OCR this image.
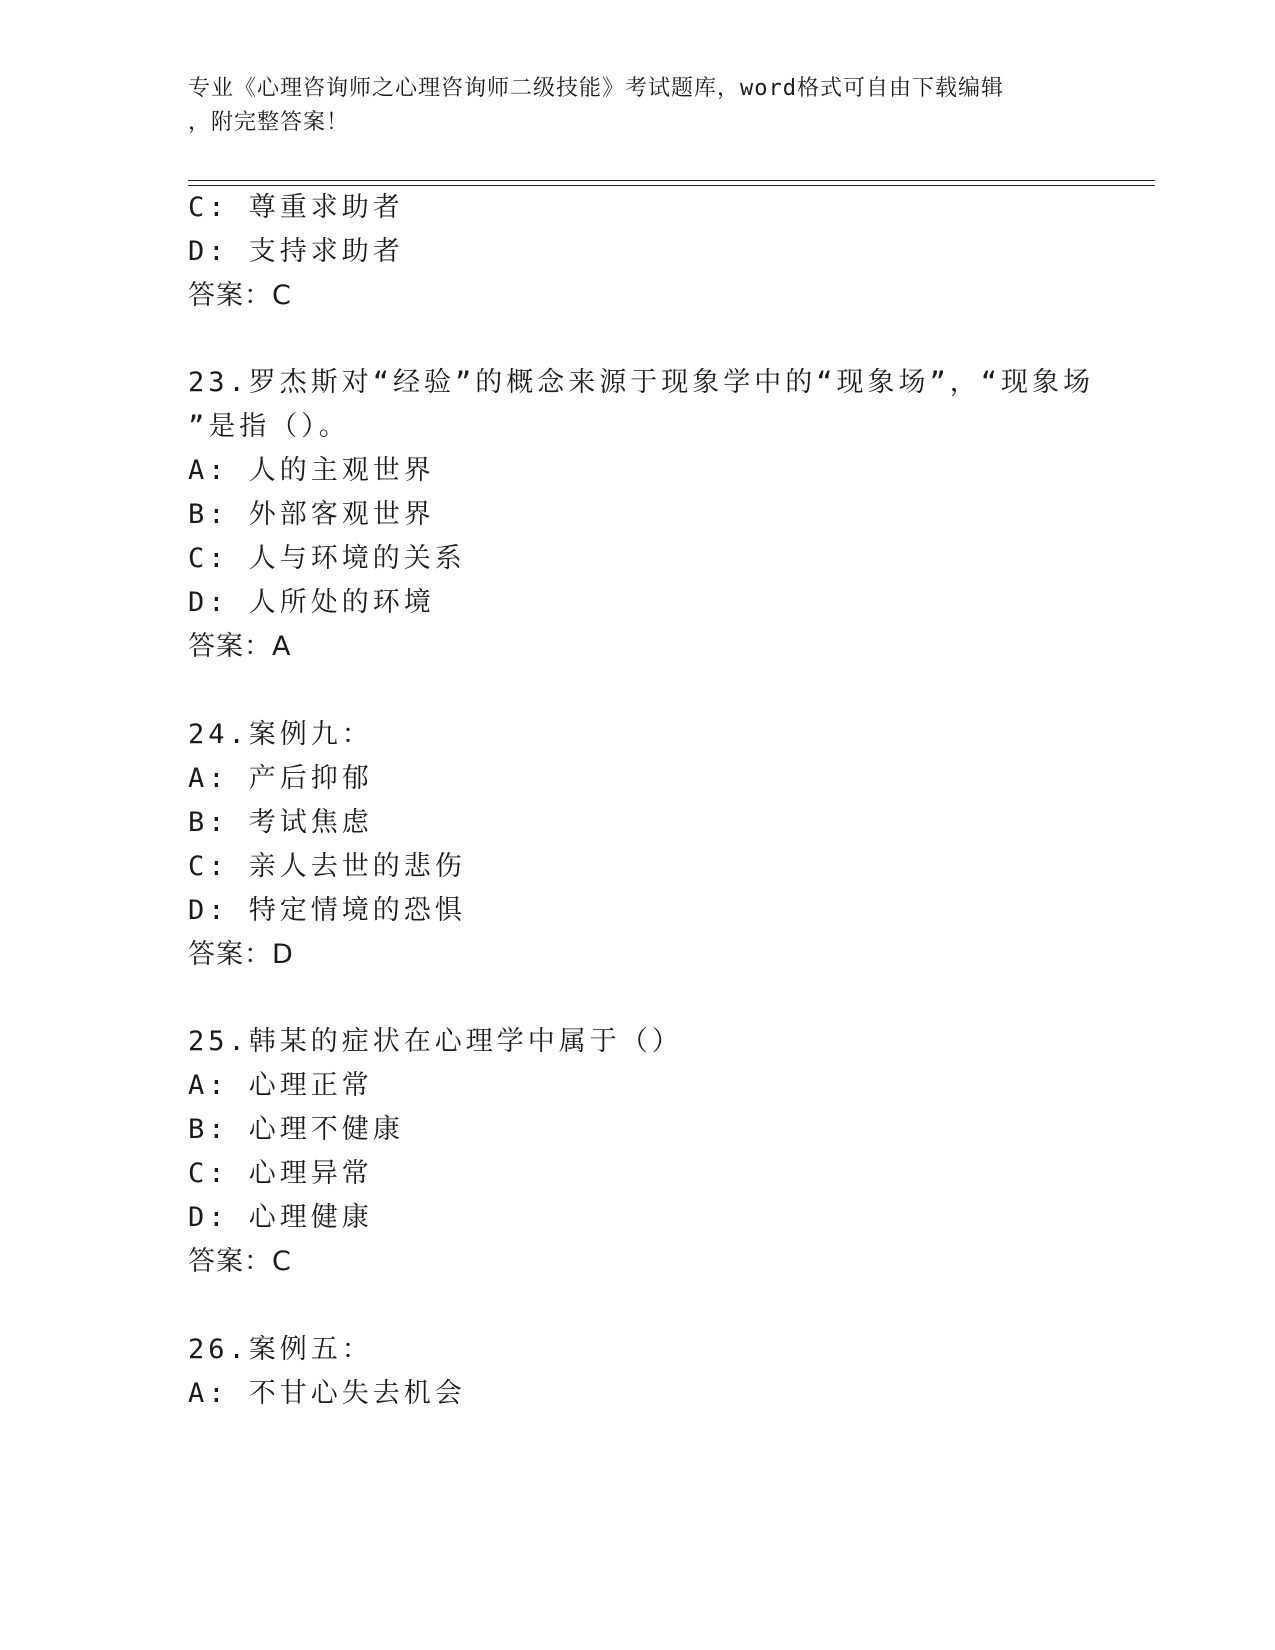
专业《心理咨询师之心理咨询师二级技能》考试题库，word格式可自由下载编辑
，附完整答案！
C: 尊重求助者
D: 支持求助者
答案：C
23.罗杰斯对“经验”的概念来源于现象学中的“现象场”，“现象场
”是指（）。
A: 人的主观世界
B: 外部客观世界
C: 人与环境的关系
D: 人所处的环境
答案：A
24.案例九：
A: 产后抑郁
B: 考试焦虑
C: 亲人去世的悲伤
D: 特定情境的恐惧
答案：D
25.韩某的症状在心理学中属于（）
A: 心理正常
B: 心理不健康
C: 心理异常
D: 心理健康
答案：C
26.案例五：
A: 不甘心失去机会
